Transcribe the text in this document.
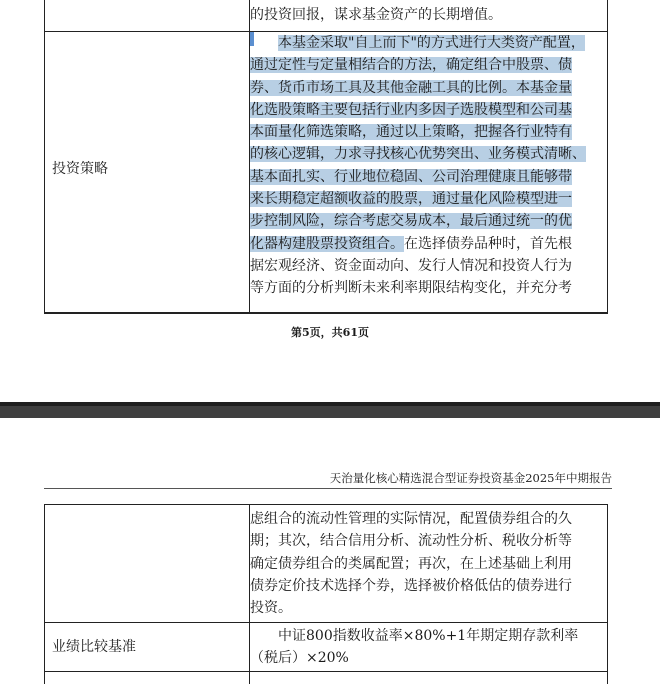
的投资回报，谋求基金资产的长期增值。

投资策略

本基金采取"自上而下"的方式进行大类资产配置，

通过定性与定量相结合的方法，确定组合中股票、债

券、货币市场工具及其他金融工具的比例。本基金量

化选股策略主要包括行业内多因子选股模型和公司基

本面量化筛选策略，通过以上策略，把握各行业特有

的核心逻辑，力求寻找核心优势突出、业务模式清晰、

基本面扎实、行业地位稳固、公司治理健康且能够带

来长期稳定超额收益的股票，通过量化风险模型进一

步控制风险，综合考虑交易成本，最后通过统一的优

化器构建股票投资组合。在选择债券品种时，首先根

据宏观经济、资金面动向、发行人情况和投资人行为

等方面的分析判断未来利率期限结构变化，并充分考

第5页，共61页
天治量化核心精选混合型证券投资基金2025年中期报告

虑组合的流动性管理的实际情况，配置债券组合的久

期；其次，结合信用分析、流动性分析、税收分析等

确定债券组合的类属配置；再次，在上述基础上利用

债券定价技术选择个券，选择被价格低估的债券进行

投资。

业绩比较基准

中证800指数收益率×80%+1年期定期存款利率

（税后）×20%
